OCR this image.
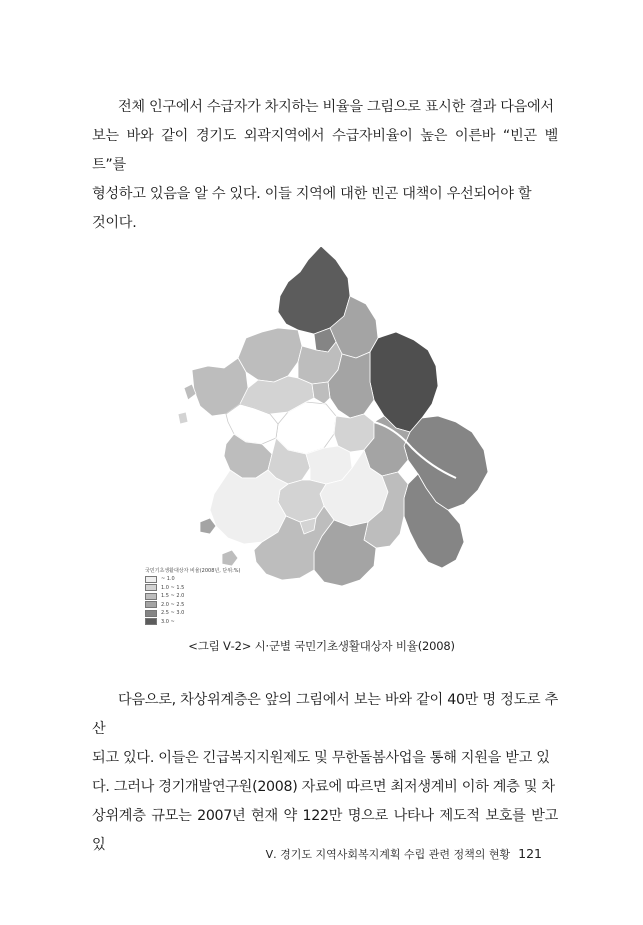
전체 인구에서 수급자가 차지하는 비율을 그림으로 표시한 결과 다음에서

보는 바와 같이 경기도 외곽지역에서 수급자비율이 높은 이른바 “빈곤 벨트”를

형성하고 있음을 알 수 있다. 이들 지역에 대한 빈곤 대책이 우선되어야 할

것이다.

국민기초생활대상자 비율(2008년, 단위:%)
~ 1.0
1.0 ~ 1.5
1.5 ~ 2.0
2.0 ~ 2.5
2.5 ~ 3.0
3.0 ~
<그림 Ⅴ-2> 시·군별 국민기초생활대상자 비율(2008)

다음으로, 차상위계층은 앞의 그림에서 보는 바와 같이 40만 명 정도로 추산

되고 있다. 이들은 긴급복지지원제도 및 무한돌봄사업을 통해 지원을 받고 있

다. 그러나 경기개발연구원(2008) 자료에 따르면 최저생계비 이하 계층 및 차

상위계층 규모는 2007년 현재 약 122만 명으로 나타나 제도적 보호를 받고 있

Ⅴ. 경기도 지역사회복지계획 수립 관련 정책의 현황 121
